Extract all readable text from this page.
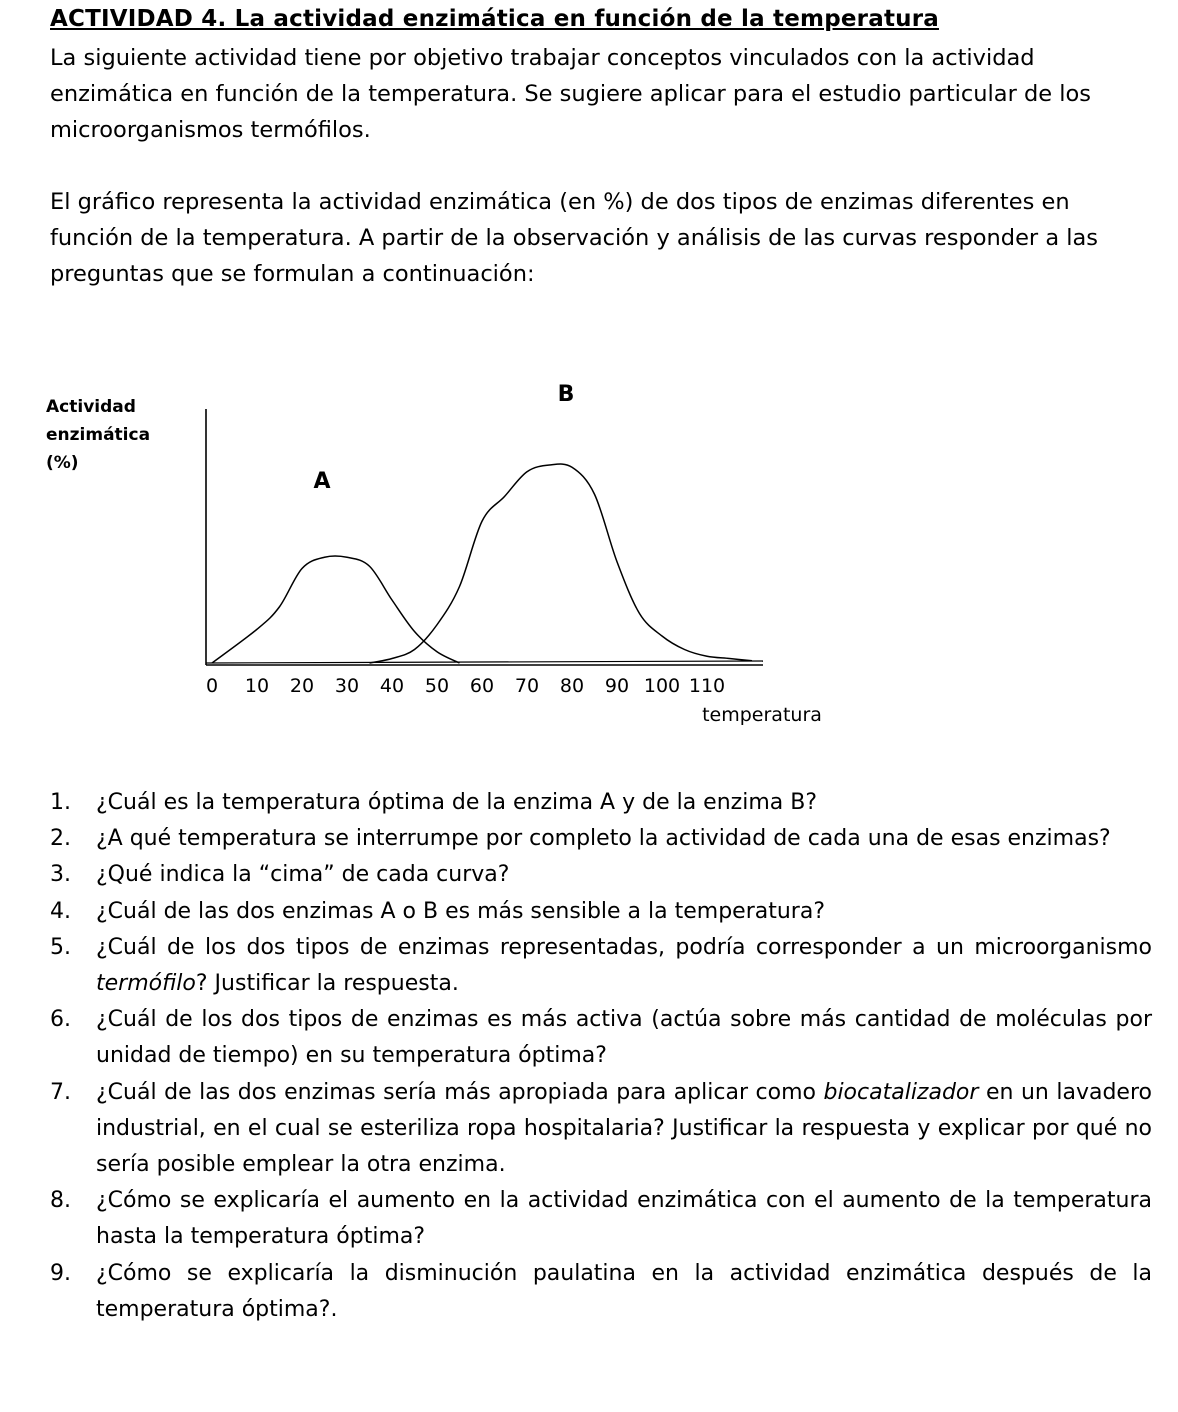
ACTIVIDAD 4. La actividad enzimática en función de la temperatura
La siguiente actividad tiene por objetivo trabajar conceptos vinculados con la actividad enzimática en función de la temperatura. Se sugiere aplicar para el estudio particular de los microorganismos termófilos.
El gráfico representa la actividad enzimática (en %) de dos tipos de enzimas diferentes en función de la temperatura. A partir de la observación y análisis de las curvas responder a las preguntas que se formulan a continuación:
Actividad
enzimática
(%)
0 10 20 30 40 50 60 70 80 90 100 110
A
B
temperatura
1. ¿Cuál es la temperatura óptima de la enzima A y de la enzima B?
2. ¿A qué temperatura se interrumpe por completo la actividad de cada una de esas enzimas?
3. ¿Qué indica la “cima” de cada curva?
4. ¿Cuál de las dos enzimas A o B es más sensible a la temperatura?
5. ¿Cuál de los dos tipos de enzimas representadas, podría corresponder a un microorganismo termófilo? Justificar la respuesta.
6. ¿Cuál de los dos tipos de enzimas es más activa (actúa sobre más cantidad de moléculas por unidad de tiempo) en su temperatura óptima?
7. ¿Cuál de las dos enzimas sería más apropiada para aplicar como biocatalizador en un lavadero industrial, en el cual se esteriliza ropa hospitalaria? Justificar la respuesta y explicar por qué no sería posible emplear la otra enzima.
8. ¿Cómo se explicaría el aumento en la actividad enzimática con el aumento de la temperatura hasta la temperatura óptima?
9. ¿Cómo se explicaría la disminución paulatina en la actividad enzimática después de la temperatura óptima?.
